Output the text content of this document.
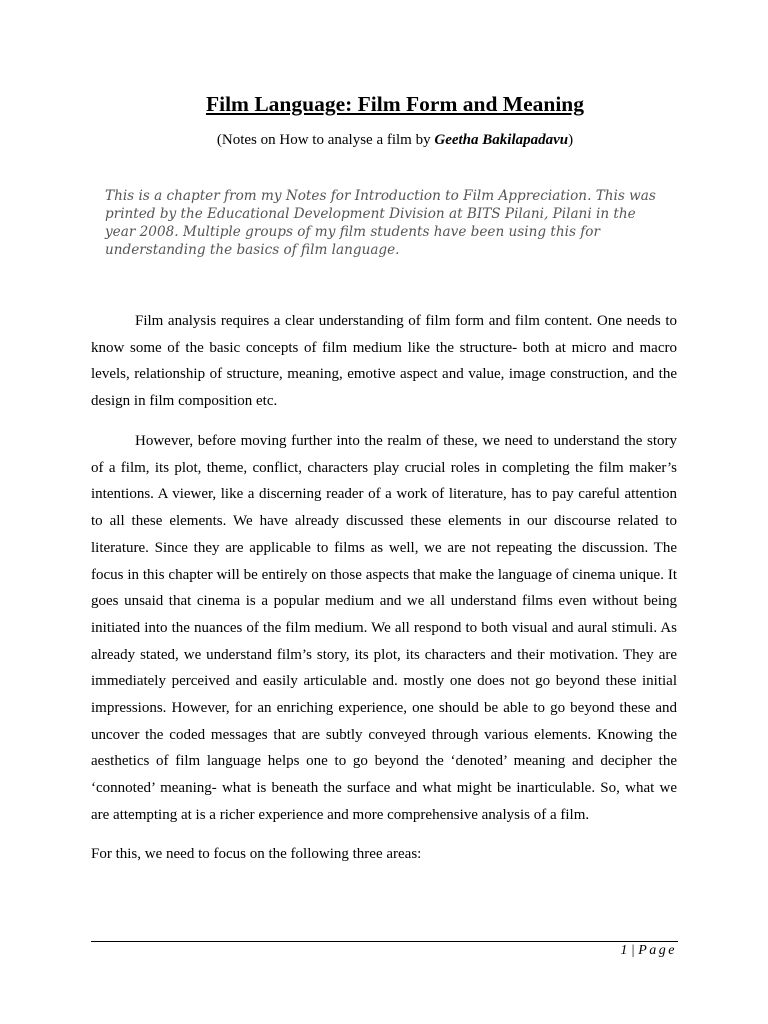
Film Language: Film Form and Meaning
(Notes on How to analyse a film by Geetha Bakilapadavu)

This is a chapter from my Notes for Introduction to Film Appreciation. This was printed by the Educational Development Division at BITS Pilani, Pilani in the year 2008. Multiple groups of my film students have been using this for understanding the basics of film language.

Film analysis requires a clear understanding of film form and film content. One needs to know some of the basic concepts of film medium like the structure- both at micro and macro levels, relationship of structure, meaning, emotive aspect and value, image construction, and the design in film composition etc.

However, before moving further into the realm of these, we need to understand the story of a film, its plot, theme, conflict, characters play crucial roles in completing the film maker’s intentions. A viewer, like a discerning reader of a work of literature, has to pay careful attention to all these elements. We have already discussed these elements in our discourse related to literature. Since they are applicable to films as well, we are not repeating the discussion. The focus in this chapter will be entirely on those aspects that make the language of cinema unique. It goes unsaid that cinema is a popular medium and we all understand films even without being initiated into the nuances of the film medium. We all respond to both visual and aural stimuli. As already stated, we understand film’s story, its plot, its characters and their motivation. They are immediately perceived and easily articulable and. mostly one does not go beyond these initial impressions. However, for an enriching experience, one should be able to go beyond these and uncover the coded messages that are subtly conveyed through various elements. Knowing the aesthetics of film language helps one to go beyond the ‘denoted’ meaning and decipher the ‘connoted’ meaning- what is beneath the surface and what might be inarticulable. So, what we are attempting at is a richer experience and more comprehensive analysis of a film.

For this, we need to focus on the following three areas:

1 | Page
